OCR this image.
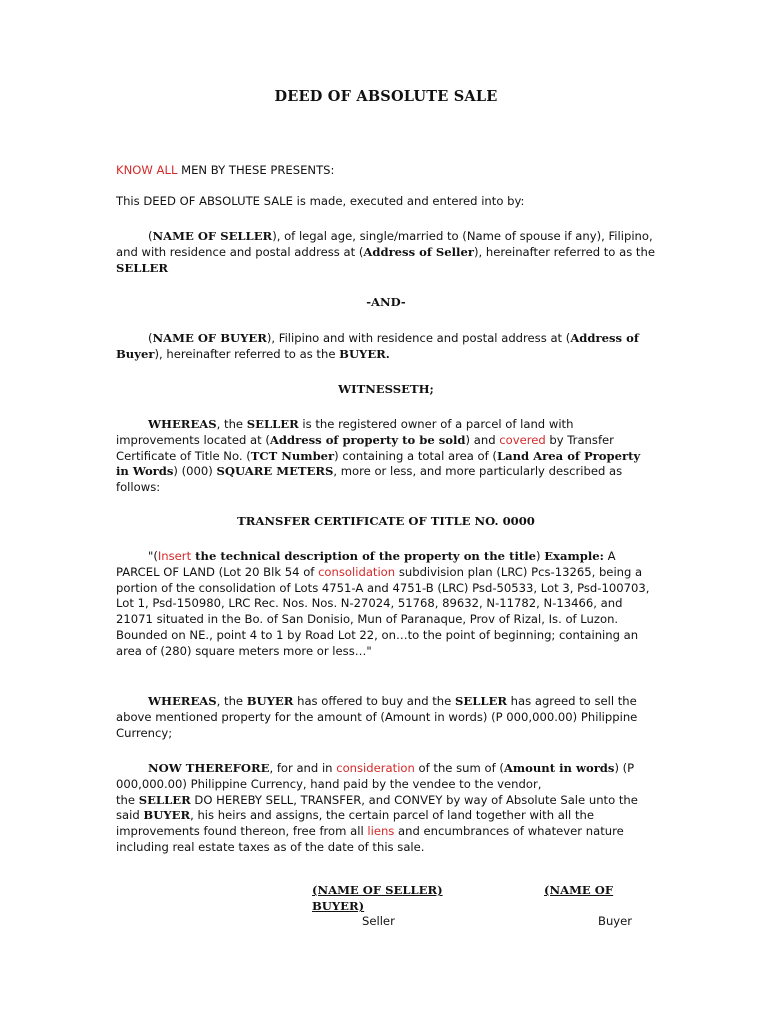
DEED OF ABSOLUTE SALE

KNOW ALL MEN BY THESE PRESENTS:

This DEED OF ABSOLUTE SALE is made, executed and entered into by:

(NAME OF SELLER), of legal age, single/married to (Name of spouse if any), Filipino, and with residence and postal address at (Address of Seller), hereinafter referred to as the SELLER

-AND-

(NAME OF BUYER), Filipino and with residence and postal address at (Address of Buyer), hereinafter referred to as the BUYER.

WITNESSETH;

WHEREAS, the SELLER is the registered owner of a parcel of land with improvements located at (Address of property to be sold) and covered by Transfer Certificate of Title No. (TCT Number) containing a total area of (Land Area of Property in Words) (000) SQUARE METERS, more or less, and more particularly described as follows:

TRANSFER CERTIFICATE OF TITLE NO. 0000

"(Insert the technical description of the property on the title) Example: A PARCEL OF LAND (Lot 20 Blk 54 of consolidation subdivision plan (LRC) Pcs-13265, being a portion of the consolidation of Lots 4751-A and 4751-B (LRC) Psd-50533, Lot 3, Psd-100703, Lot 1, Psd-150980, LRC Rec. Nos. Nos. N-27024, 51768, 89632, N-11782, N-13466, and 21071 situated in the Bo. of San Donisio, Mun of Paranaque, Prov of Rizal, Is. of Luzon. Bounded on NE., point 4 to 1 by Road Lot 22, on…to the point of beginning; containing an area of (280) square meters more or less…"

WHEREAS, the BUYER has offered to buy and the SELLER has agreed to sell the above mentioned property for the amount of (Amount in words) (P 000,000.00) Philippine Currency;

NOW THEREFORE, for and in consideration of the sum of (Amount in words) (P 000,000.00) Philippine Currency, hand paid by the vendee to the vendor,
the SELLER DO HEREBY SELL, TRANSFER, and CONVEY by way of Absolute Sale unto the said BUYER, his heirs and assigns, the certain parcel of land together with all the improvements found thereon, free from all liens and encumbrances of whatever nature including real estate taxes as of the date of this sale.

(NAME OF SELLER)	(NAME OF
BUYER)
Seller	Buyer
